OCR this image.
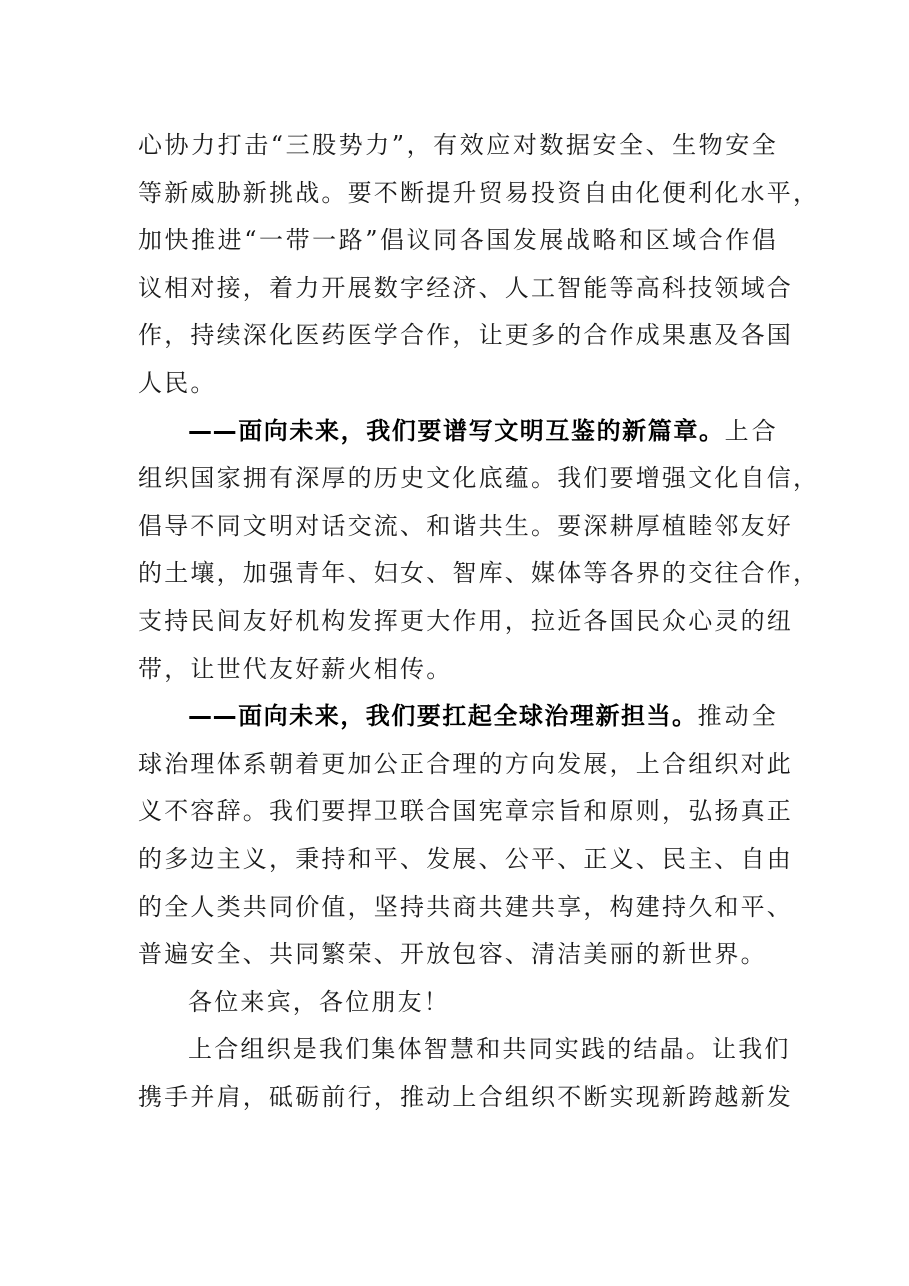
心协力打击“三股势力”，有效应对数据安全、生物安全
等新威胁新挑战。要不断提升贸易投资自由化便利化水平，
加快推进“一带一路”倡议同各国发展战略和区域合作倡
议相对接，着力开展数字经济、人工智能等高科技领域合
作，持续深化医药医学合作，让更多的合作成果惠及各国
人民。
——面向未来，我们要谱写文明互鉴的新篇章。上合
组织国家拥有深厚的历史文化底蕴。我们要增强文化自信，
倡导不同文明对话交流、和谐共生。要深耕厚植睦邻友好
的土壤，加强青年、妇女、智库、媒体等各界的交往合作，
支持民间友好机构发挥更大作用，拉近各国民众心灵的纽
带，让世代友好薪火相传。
——面向未来，我们要扛起全球治理新担当。推动全
球治理体系朝着更加公正合理的方向发展，上合组织对此
义不容辞。我们要捍卫联合国宪章宗旨和原则，弘扬真正
的多边主义，秉持和平、发展、公平、正义、民主、自由
的全人类共同价值，坚持共商共建共享，构建持久和平、
普遍安全、共同繁荣、开放包容、清洁美丽的新世界。
各位来宾，各位朋友！
上合组织是我们集体智慧和共同实践的结晶。让我们
携手并肩，砥砺前行，推动上合组织不断实现新跨越新发
